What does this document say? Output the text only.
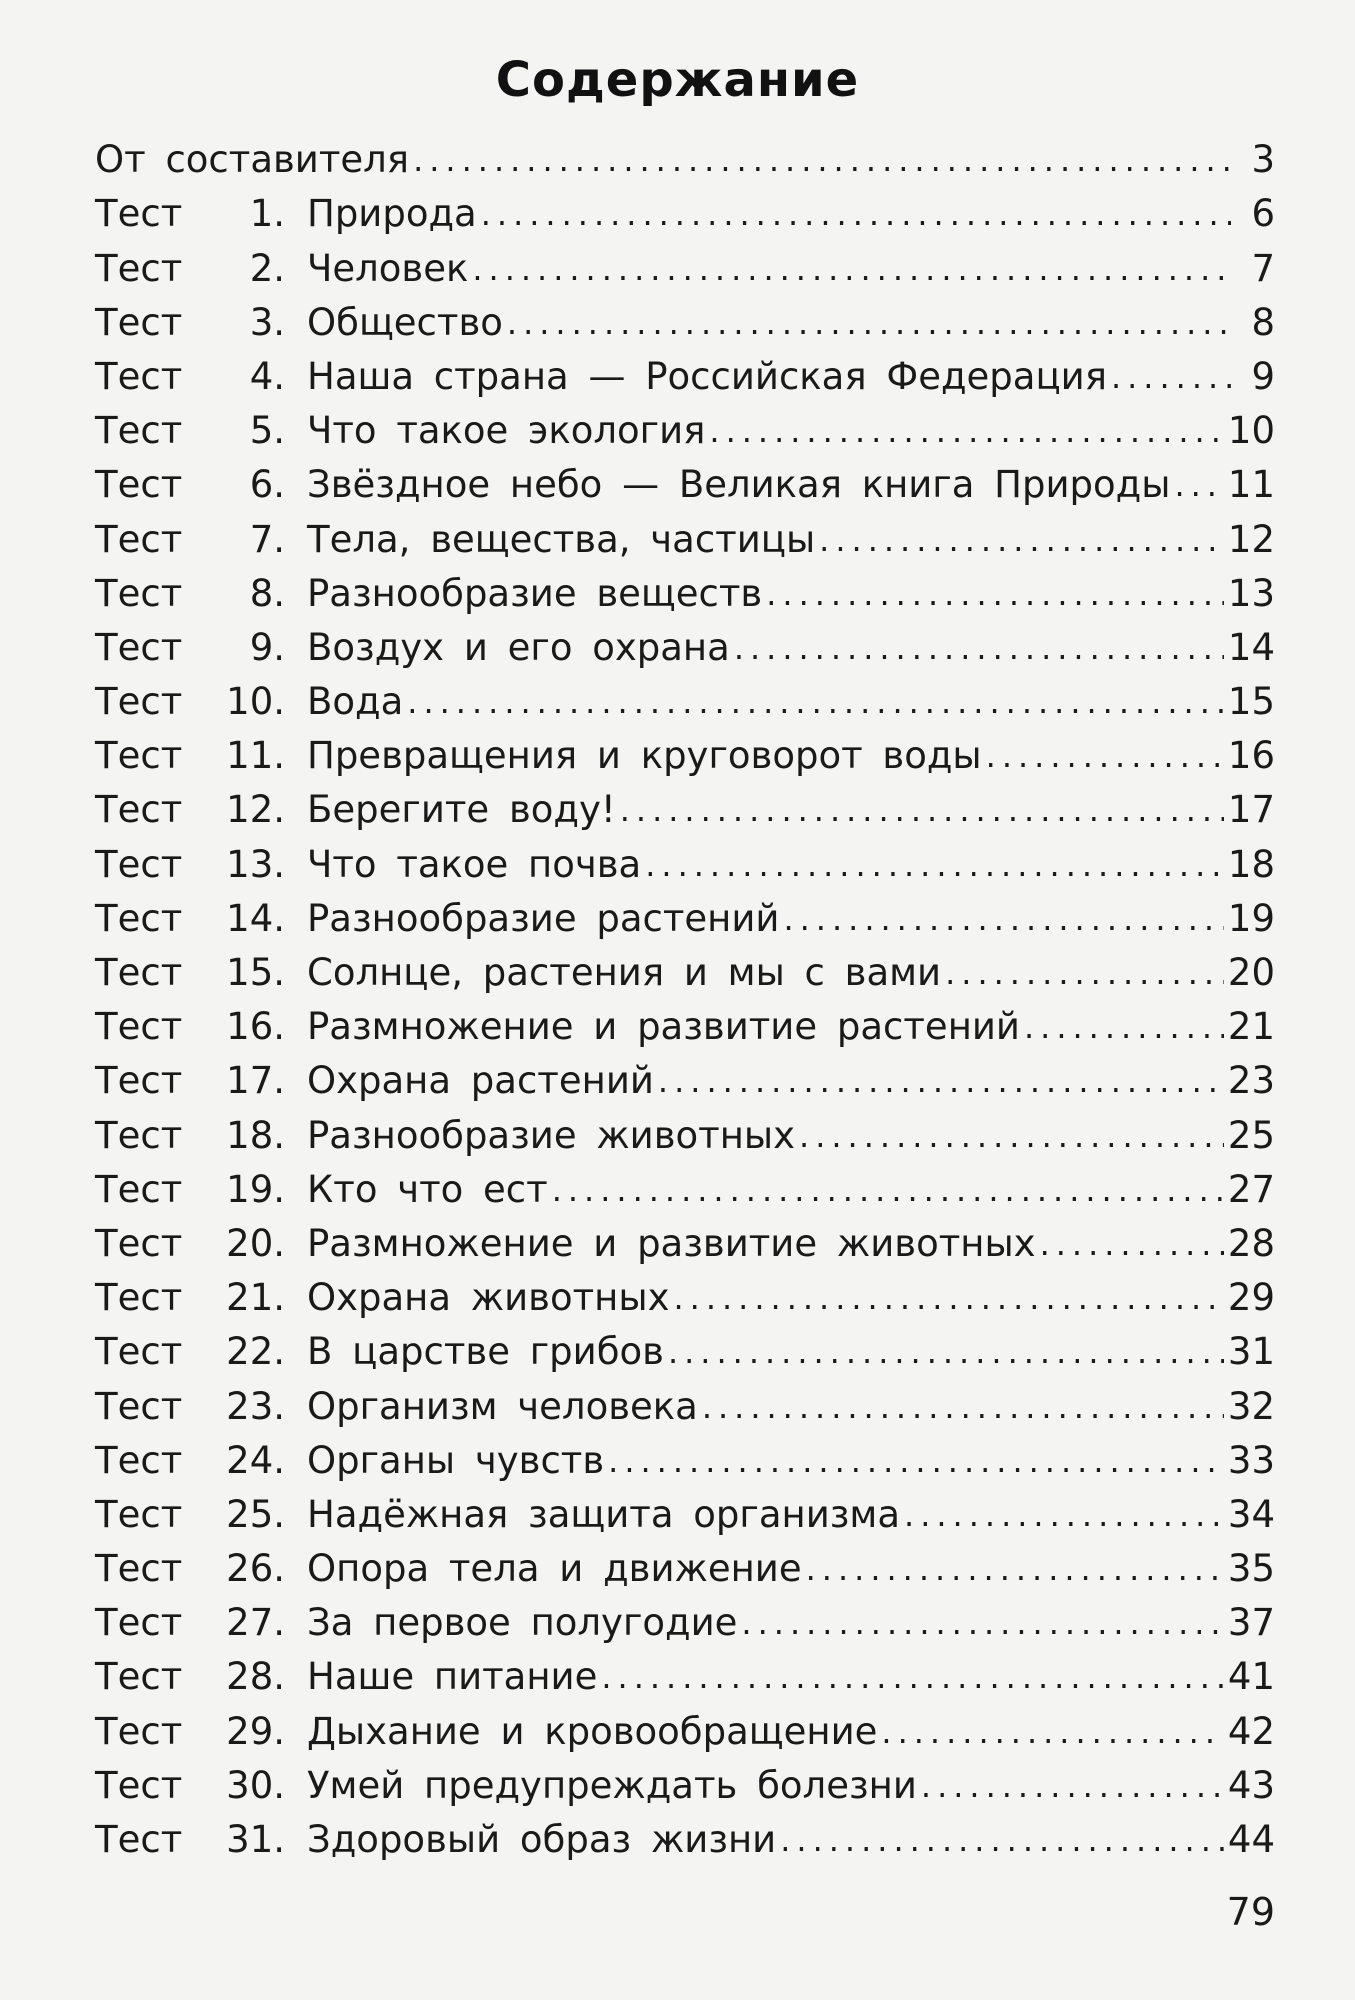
Содержание
От составителя .....	3
Тест 1. Природа .....	6
Тест 2. Человек .....	7
Тест 3. Общество .....	8
Тест 4. Наша страна — Российская Федерация .....	9
Тест 5. Что такое экология .....	10
Тест 6. Звёздное небо — Великая книга Природы ..... 11
Тест 7. Тела, вещества, частицы .....	12
Тест 8. Разнообразие веществ .....	13
Тест 9. Воздух и его охрана .....	14
Тест 10. Вода .....	15
Тест 11. Превращения и круговорот воды .....	16
Тест 12. Берегите воду! .....	17
Тест 13. Что такое почва .....	18
Тест 14. Разнообразие растений .....	19
Тест 15. Солнце, растения и мы с вами .....	20
Тест 16. Размножение и развитие растений .....	21
Тест 17. Охрана растений .....	23
Тест 18. Разнообразие животных .....	25
Тест 19. Кто что ест .....	27
Тест 20. Размножение и развитие животных .....	28
Тест 21. Охрана животных .....	29
Тест 22. В царстве грибов .....	31
Тест 23. Организм человека .....	32
Тест 24. Органы чувств .....	33
Тест 25. Надёжная защита организма .....	34
Тест 26. Опора тела и движение .....	35
Тест 27. За первое полугодие .....	37
Тест 28. Наше питание .....	41
Тест 29. Дыхание и кровообращение .....	42
Тест 30. Умей предупреждать болезни .....	43
Тест 31. Здоровый образ жизни .....	44
79
